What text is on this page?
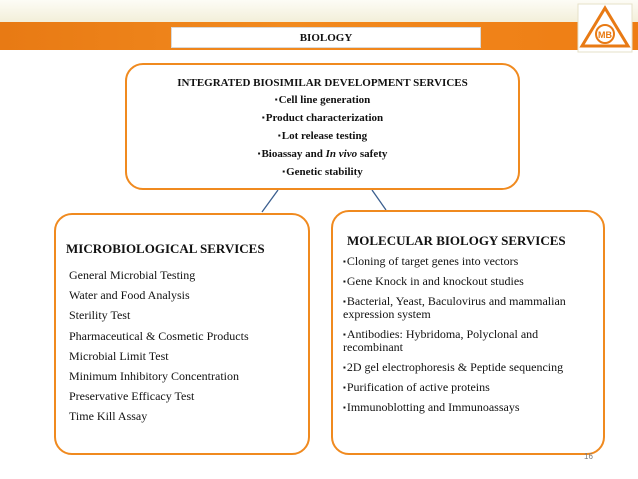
BIOLOGY	MB
INTEGRATED BIOSIMILAR DEVELOPMENT SERVICES
▪Cell line generation
▪Product characterization
▪Lot release testing
▪Bioassay and In vivo safety
▪Genetic stability
MICROBIOLOGICAL SERVICES
General Microbial Testing
Water and Food Analysis
Sterility Test
Pharmaceutical & Cosmetic Products
Microbial Limit Test
Minimum Inhibitory Concentration
Preservative Efficacy Test
Time Kill Assay
MOLECULAR BIOLOGY SERVICES
▪Cloning of target genes into vectors
▪Gene Knock in and knockout studies
▪Bacterial, Yeast, Baculovirus and mammalian expression system
▪Antibodies: Hybridoma, Polyclonal and recombinant
▪2D gel electrophoresis & Peptide sequencing
▪Purification of active proteins
▪Immunoblotting and Immunoassays
16
